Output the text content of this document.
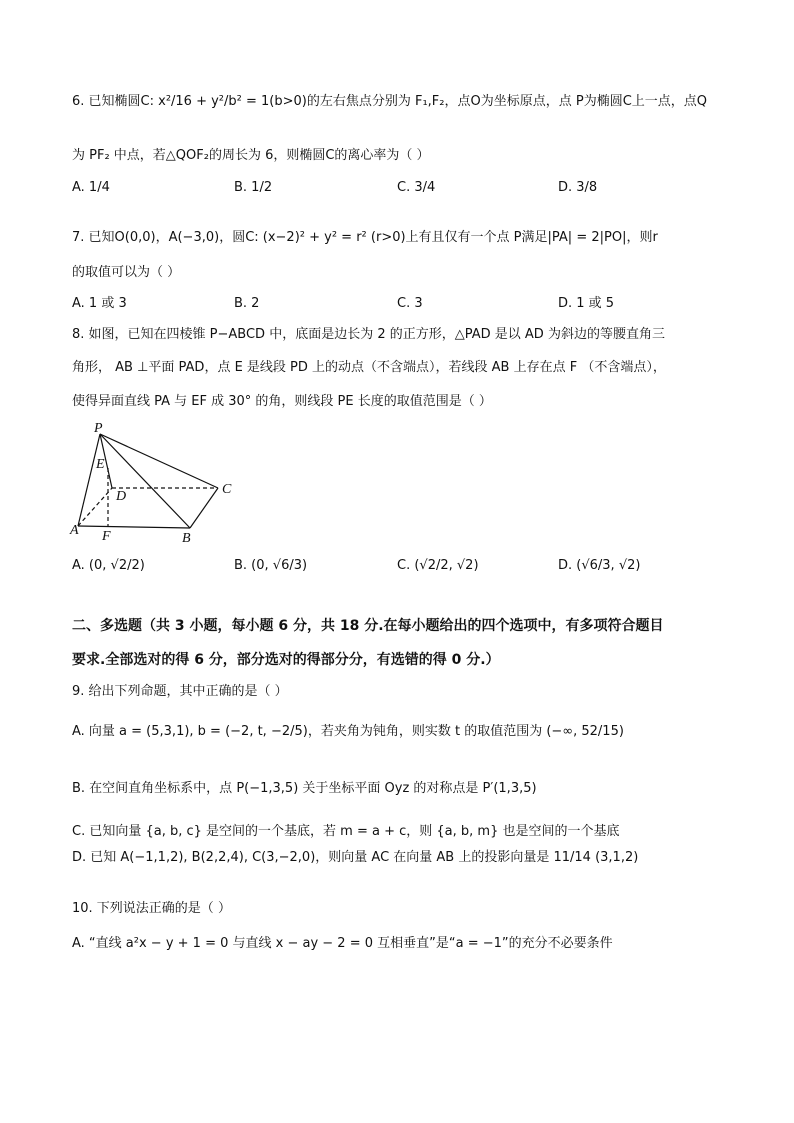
6. 已知椭圆C: x²/16 + y²/b² = 1(b>0)的左右焦点分别为 F₁,F₂，点O为坐标原点，点 P为椭圆C上一点，点Q
为 PF₂ 中点，若△QOF₂的周长为 6，则椭圆C的离心率为（ ）
A. 1/4	B. 1/2	C. 3/4	D. 3/8
7. 已知O(0,0)，A(−3,0)，圆C: (x−2)² + y² = r² (r>0)上有且仅有一个点 P满足|PA| = 2|PO|，则r
的取值可以为（ ）
A. 1 或 3	B. 2	C. 3	D. 1 或 5
8. 如图，已知在四棱锥 P−ABCD 中，底面是边长为 2 的正方形，△PAD 是以 AD 为斜边的等腰直角三
角形， AB ⊥平面 PAD，点 E 是线段 PD 上的动点（不含端点），若线段 AB 上存在点 F （不含端点），
使得异面直线 PA 与 EF 成 30° 的角，则线段 PE 长度的取值范围是（ ）
P
E
D	C
A F	B
A. (0, √2/2)	B. (0, √6/3)	C. (√2/2, √2)	D. (√6/3, √2)
二、多选题（共 3 小题，每小题 6 分，共 18 分.在每小题给出的四个选项中，有多项符合题目
要求.全部选对的得 6 分，部分选对的得部分分，有选错的得 0 分.）
9. 给出下列命题，其中正确的是（ ）
A. 向量 a = (5,3,1), b = (−2, t, −2/5)，若夹角为钝角，则实数 t 的取值范围为 (−∞, 52/15)
B. 在空间直角坐标系中，点 P(−1,3,5) 关于坐标平面 Oyz 的对称点是 P′(1,3,5)
C. 已知向量 {a, b, c} 是空间的一个基底，若 m = a + c，则 {a, b, m} 也是空间的一个基底
D. 已知 A(−1,1,2), B(2,2,4), C(3,−2,0)，则向量 AC 在向量 AB 上的投影向量是 11/14 (3,1,2)
10. 下列说法正确的是（ ）
A. “直线 a²x − y + 1 = 0 与直线 x − ay − 2 = 0 互相垂直”是“a = −1”的充分不必要条件
